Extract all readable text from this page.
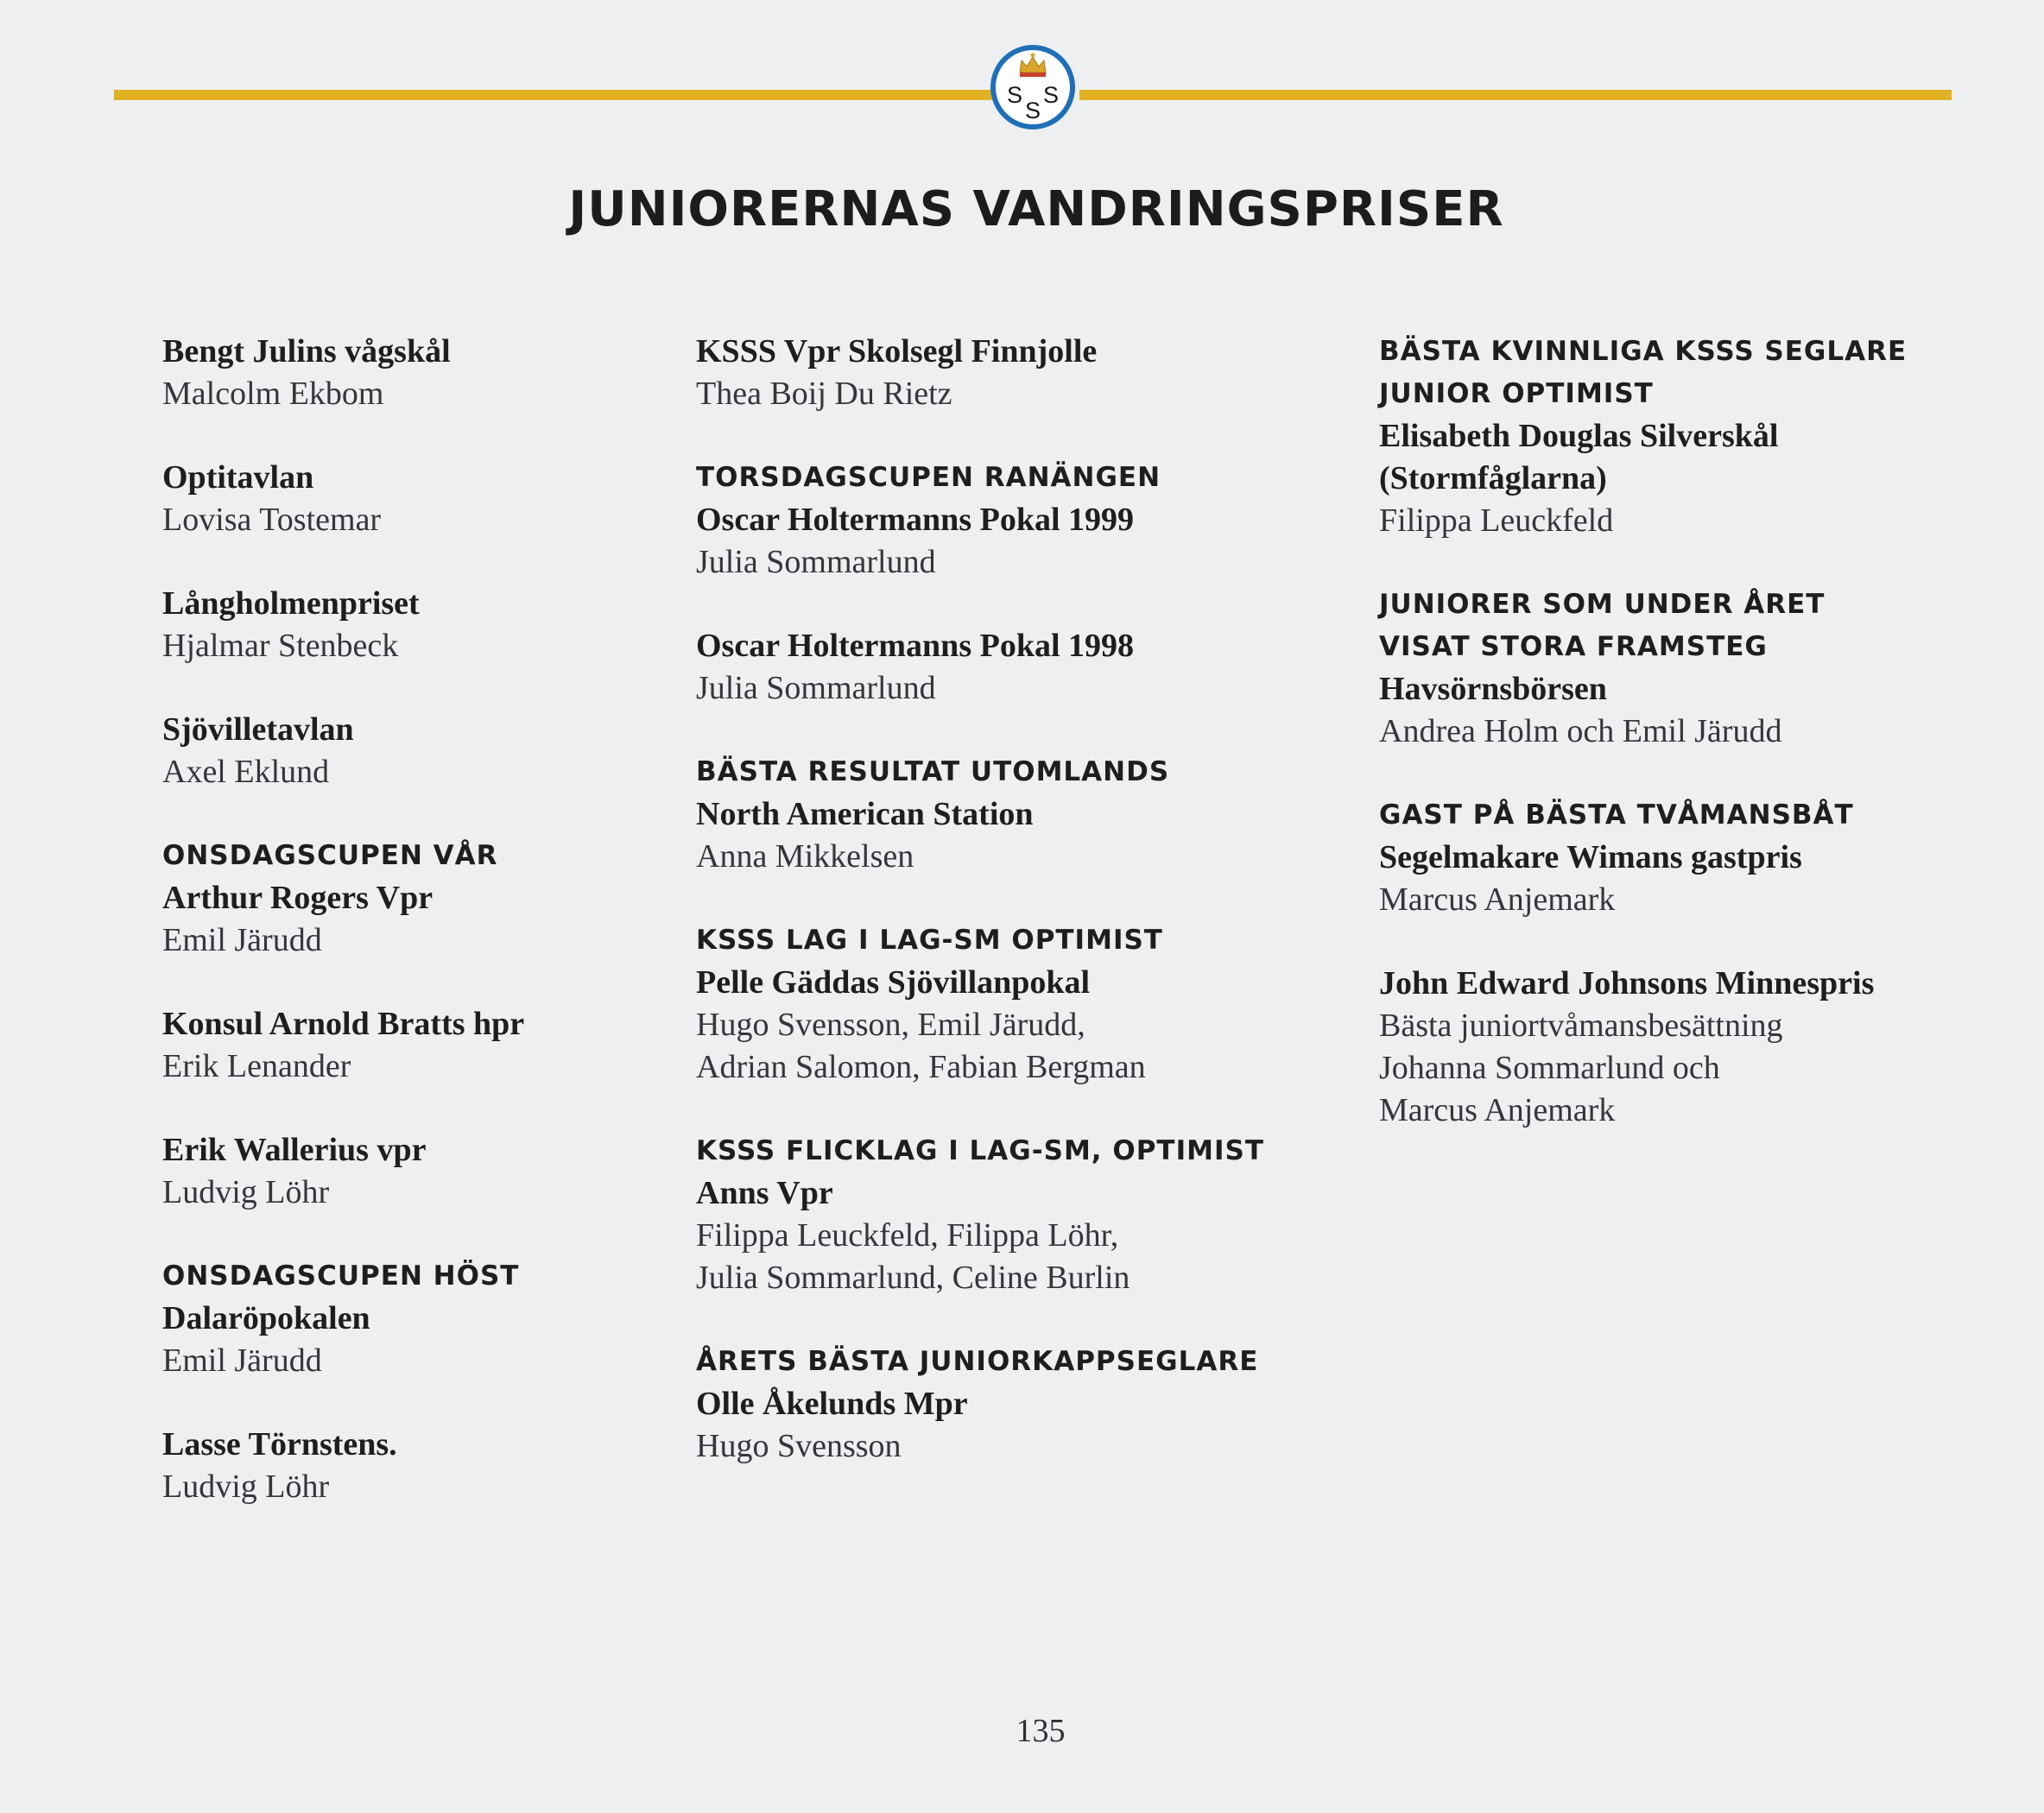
S S
S
JUNIORERNAS VANDRINGSPRISER
Bengt Julins vågskål
Malcolm Ekbom
Optitavlan
Lovisa Tostemar
Långholmenpriset
Hjalmar Stenbeck
Sjövilletavlan
Axel Eklund
ONSDAGSCUPEN VÅR
Arthur Rogers Vpr
Emil Järudd
Konsul Arnold Bratts hpr
Erik Lenander
Erik Wallerius vpr
Ludvig Löhr
ONSDAGSCUPEN HÖST
Dalaröpokalen
Emil Järudd
Lasse Törnstens.
Ludvig Löhr
KSSS Vpr Skolsegl Finnjolle
Thea Boij Du Rietz
TORSDAGSCUPEN RANÄNGEN
Oscar Holtermanns Pokal 1999
Julia Sommarlund
Oscar Holtermanns Pokal 1998
Julia Sommarlund
BÄSTA RESULTAT UTOMLANDS
North American Station
Anna Mikkelsen
KSSS LAG I LAG-SM OPTIMIST
Pelle Gäddas Sjövillanpokal
Hugo Svensson, Emil Järudd,
Adrian Salomon, Fabian Bergman
KSSS FLICKLAG I LAG-SM, OPTIMIST
Anns Vpr
Filippa Leuckfeld, Filippa Löhr,
Julia Sommarlund, Celine Burlin
ÅRETS BÄSTA JUNIORKAPPSEGLARE
Olle Åkelunds Mpr
Hugo Svensson
BÄSTA KVINNLIGA KSSS SEGLARE
JUNIOR OPTIMIST
Elisabeth Douglas Silverskål
(Stormfåglarna)
Filippa Leuckfeld
JUNIORER SOM UNDER ÅRET
VISAT STORA FRAMSTEG
Havsörnsbörsen
Andrea Holm och Emil Järudd
GAST PÅ BÄSTA TVÅMANSBÅT
Segelmakare Wimans gastpris
Marcus Anjemark
John Edward Johnsons Minnespris
Bästa juniortvåmansbesättning
Johanna Sommarlund och
Marcus Anjemark
135
